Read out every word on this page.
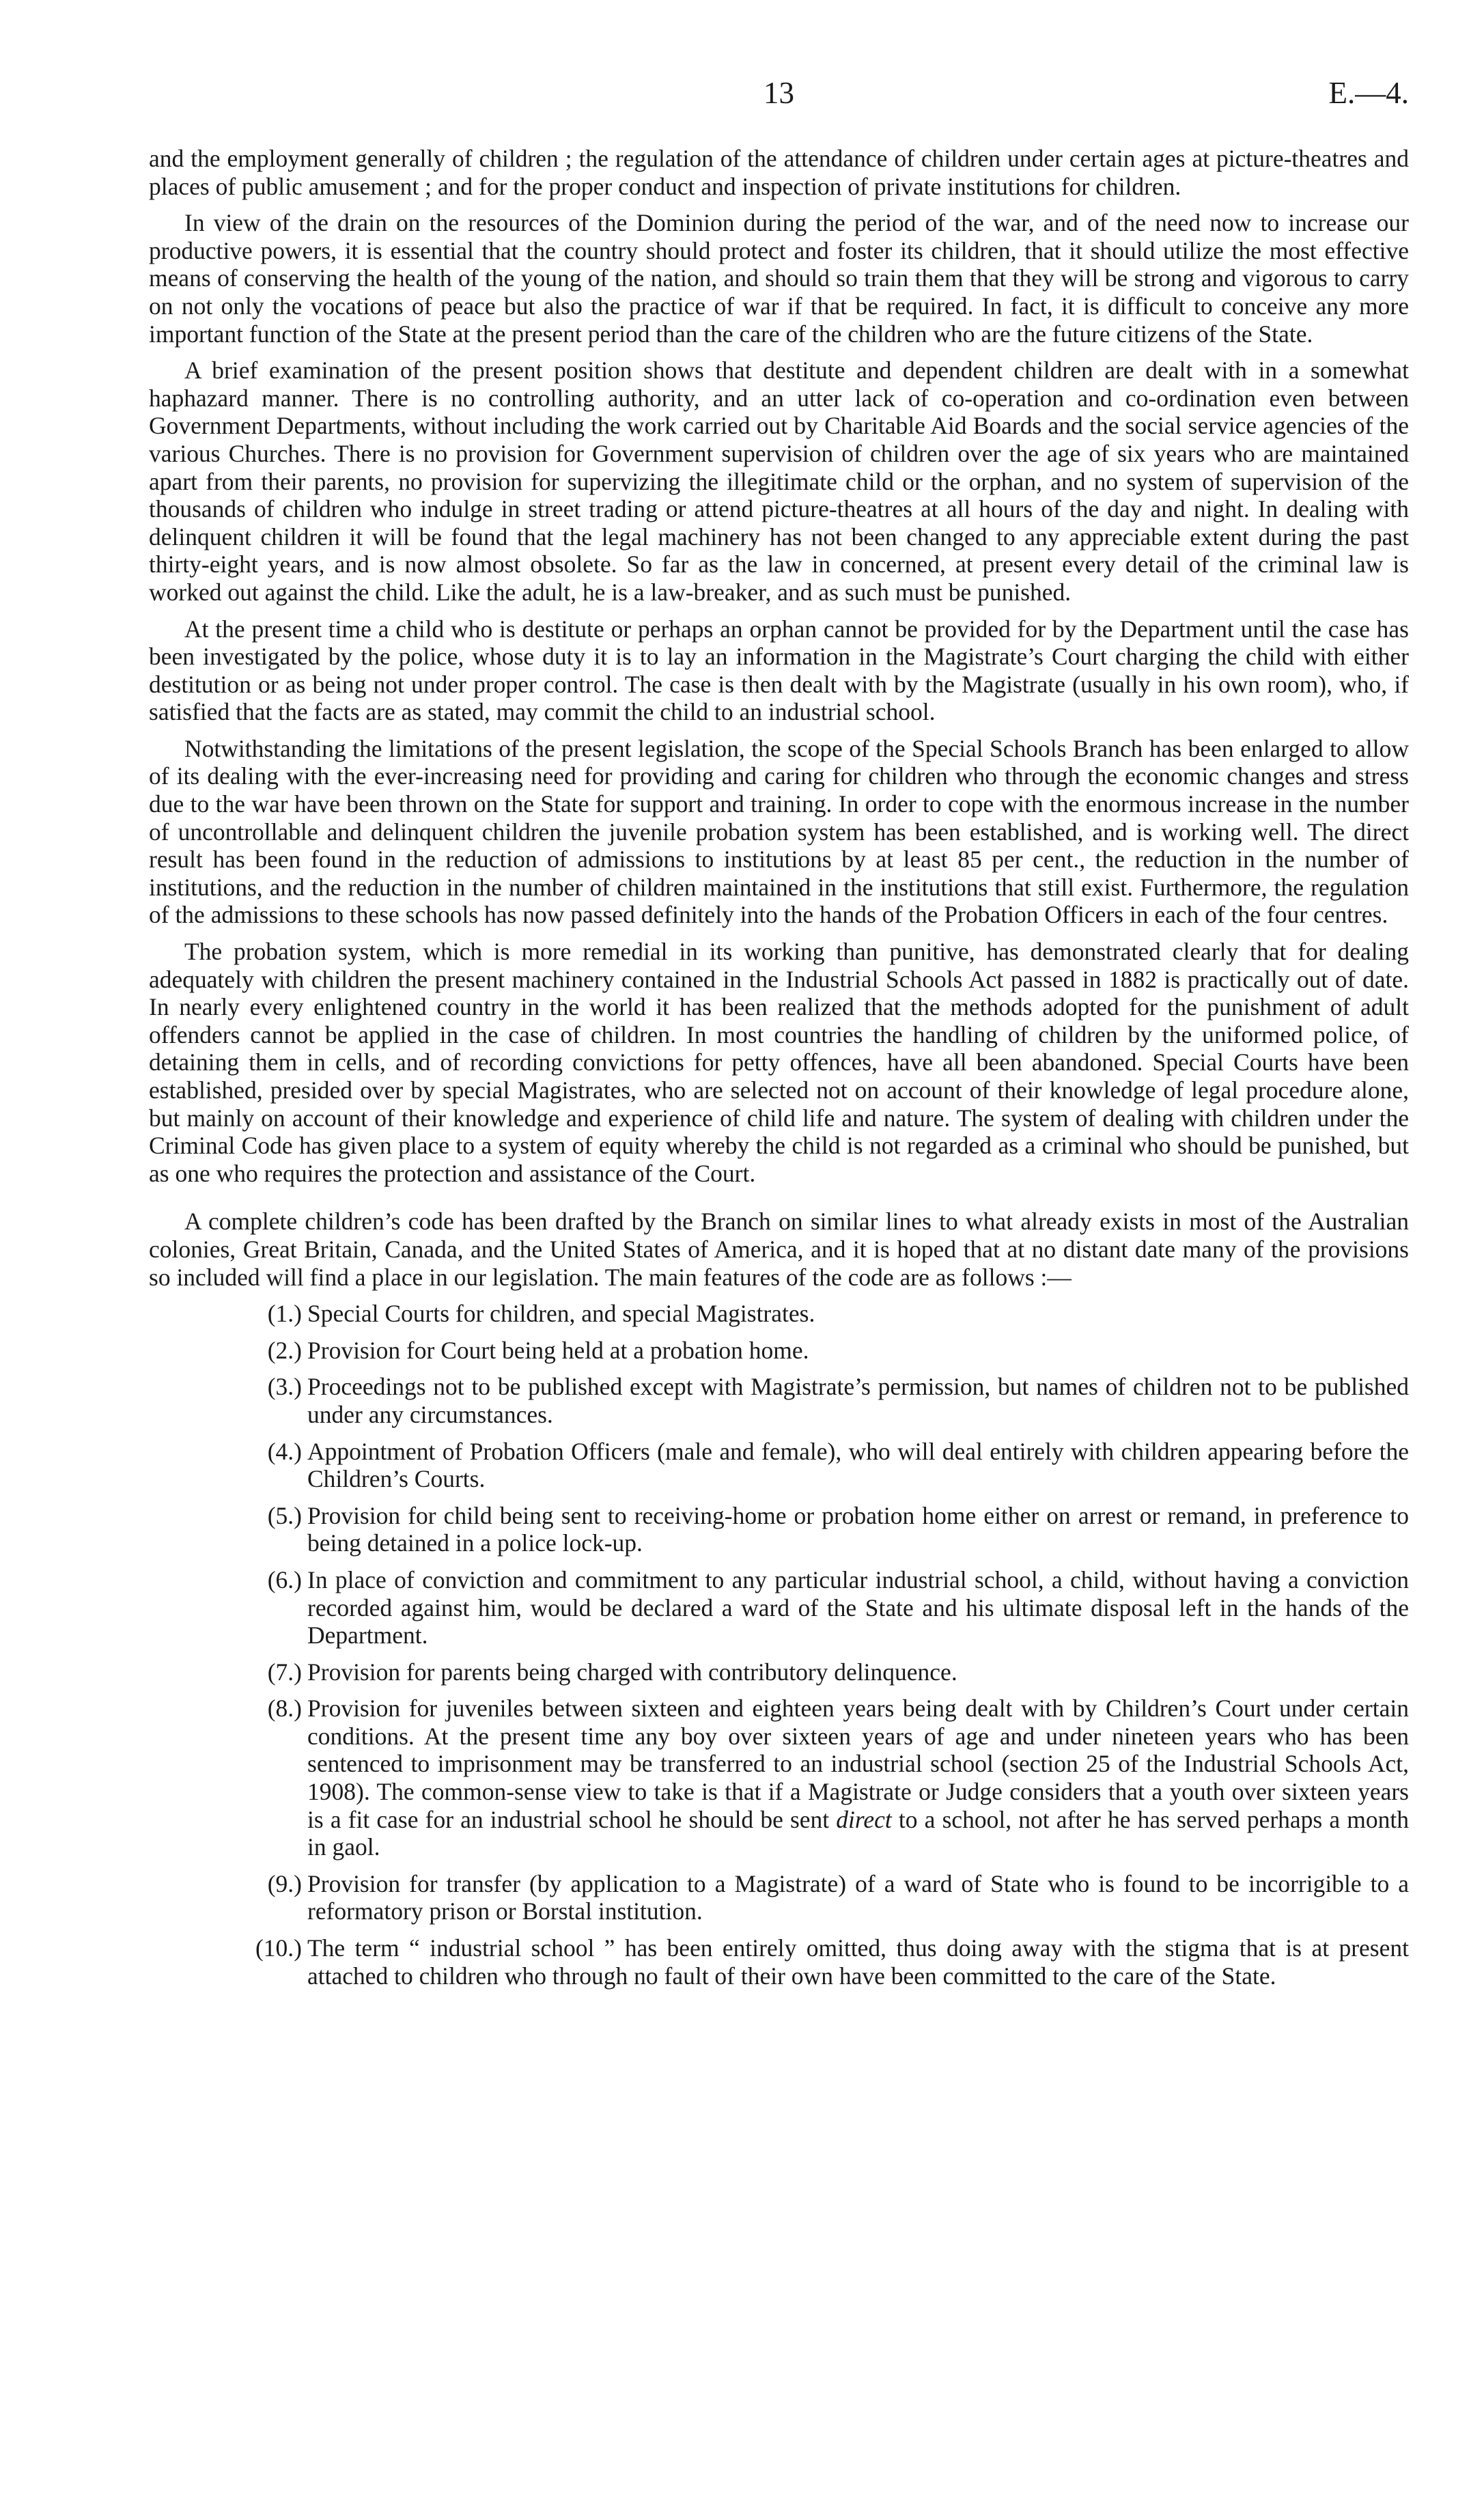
13	E.—4.

and the employment generally of children ; the regulation of the attendance of children under certain ages at picture-theatres and places of public amusement ; and for the proper conduct and inspection of private institutions for children.

In view of the drain on the resources of the Dominion during the period of the war, and of the need now to increase our productive powers, it is essential that the country should protect and foster its children, that it should utilize the most effective means of conserving the health of the young of the nation, and should so train them that they will be strong and vigorous to carry on not only the vocations of peace but also the practice of war if that be required. In fact, it is difficult to conceive any more important function of the State at the present period than the care of the children who are the future citizens of the State.

A brief examination of the present position shows that destitute and dependent children are dealt with in a somewhat haphazard manner. There is no controlling authority, and an utter lack of co-operation and co-ordination even between Government Departments, without including the work carried out by Charitable Aid Boards and the social service agencies of the various Churches. There is no provision for Government supervision of children over the age of six years who are maintained apart from their parents, no provision for supervizing the illegitimate child or the orphan, and no system of supervision of the thousands of children who indulge in street trading or attend picture-theatres at all hours of the day and night. In dealing with delinquent children it will be found that the legal machinery has not been changed to any appreciable extent during the past thirty-eight years, and is now almost obsolete. So far as the law in concerned, at present every detail of the criminal law is worked out against the child. Like the adult, he is a law-breaker, and as such must be punished.

At the present time a child who is destitute or perhaps an orphan cannot be provided for by the Department until the case has been investigated by the police, whose duty it is to lay an information in the Magistrate’s Court charging the child with either destitution or as being not under proper control. The case is then dealt with by the Magistrate (usually in his own room), who, if satisfied that the facts are as stated, may commit the child to an industrial school.

Notwithstanding the limitations of the present legislation, the scope of the Special Schools Branch has been enlarged to allow of its dealing with the ever-increasing need for providing and caring for children who through the economic changes and stress due to the war have been thrown on the State for support and training. In order to cope with the enormous increase in the number of uncontrollable and delinquent children the juvenile probation system has been established, and is working well. The direct result has been found in the reduction of admissions to institutions by at least 85 per cent., the reduction in the number of institutions, and the reduction in the number of children maintained in the institutions that still exist. Furthermore, the regulation of the admissions to these schools has now passed definitely into the hands of the Probation Officers in each of the four centres.

The probation system, which is more remedial in its working than punitive, has demonstrated clearly that for dealing adequately with children the present machinery contained in the Industrial Schools Act passed in 1882 is practically out of date. In nearly every enlightened country in the world it has been realized that the methods adopted for the punishment of adult offenders cannot be applied in the case of children. In most countries the handling of children by the uniformed police, of detaining them in cells, and of recording convictions for petty offences, have all been abandoned. Special Courts have been established, presided over by special Magistrates, who are selected not on account of their knowledge of legal procedure alone, but mainly on account of their knowledge and experience of child life and nature. The system of dealing with children under the Criminal Code has given place to a system of equity whereby the child is not regarded as a criminal who should be punished, but as one who requires the protection and assistance of the Court.

A complete children’s code has been drafted by the Branch on similar lines to what already exists in most of the Australian colonies, Great Britain, Canada, and the United States of America, and it is hoped that at no distant date many of the provisions so included will find a place in our legislation. The main features of the code are as follows :—

(1.) Special Courts for children, and special Magistrates.
(2.) Provision for Court being held at a probation home.
(3.) Proceedings not to be published except with Magistrate’s permission, but names of children not to be published under any circumstances.
(4.) Appointment of Probation Officers (male and female), who will deal entirely with children appearing before the Children’s Courts.
(5.) Provision for child being sent to receiving-home or probation home either on arrest or remand, in preference to being detained in a police lock-up.
(6.) In place of conviction and commitment to any particular industrial school, a child, without having a conviction recorded against him, would be declared a ward of the State and his ultimate disposal left in the hands of the Department.
(7.) Provision for parents being charged with contributory delinquence.
(8.) Provision for juveniles between sixteen and eighteen years being dealt with by Children’s Court under certain conditions. At the present time any boy over sixteen years of age and under nineteen years who has been sentenced to imprisonment may be transferred to an industrial school (section 25 of the Industrial Schools Act, 1908). The common-sense view to take is that if a Magistrate or Judge considers that a youth over sixteen years is a fit case for an industrial school he should be sent direct to a school, not after he has served perhaps a month in gaol.
(9.) Provision for transfer (by application to a Magistrate) of a ward of State who is found to be incorrigible to a reformatory prison or Borstal institution.
(10.) The term “ industrial school ” has been entirely omitted, thus doing away with the stigma that is at present attached to children who through no fault of their own have been committed to the care of the State.
